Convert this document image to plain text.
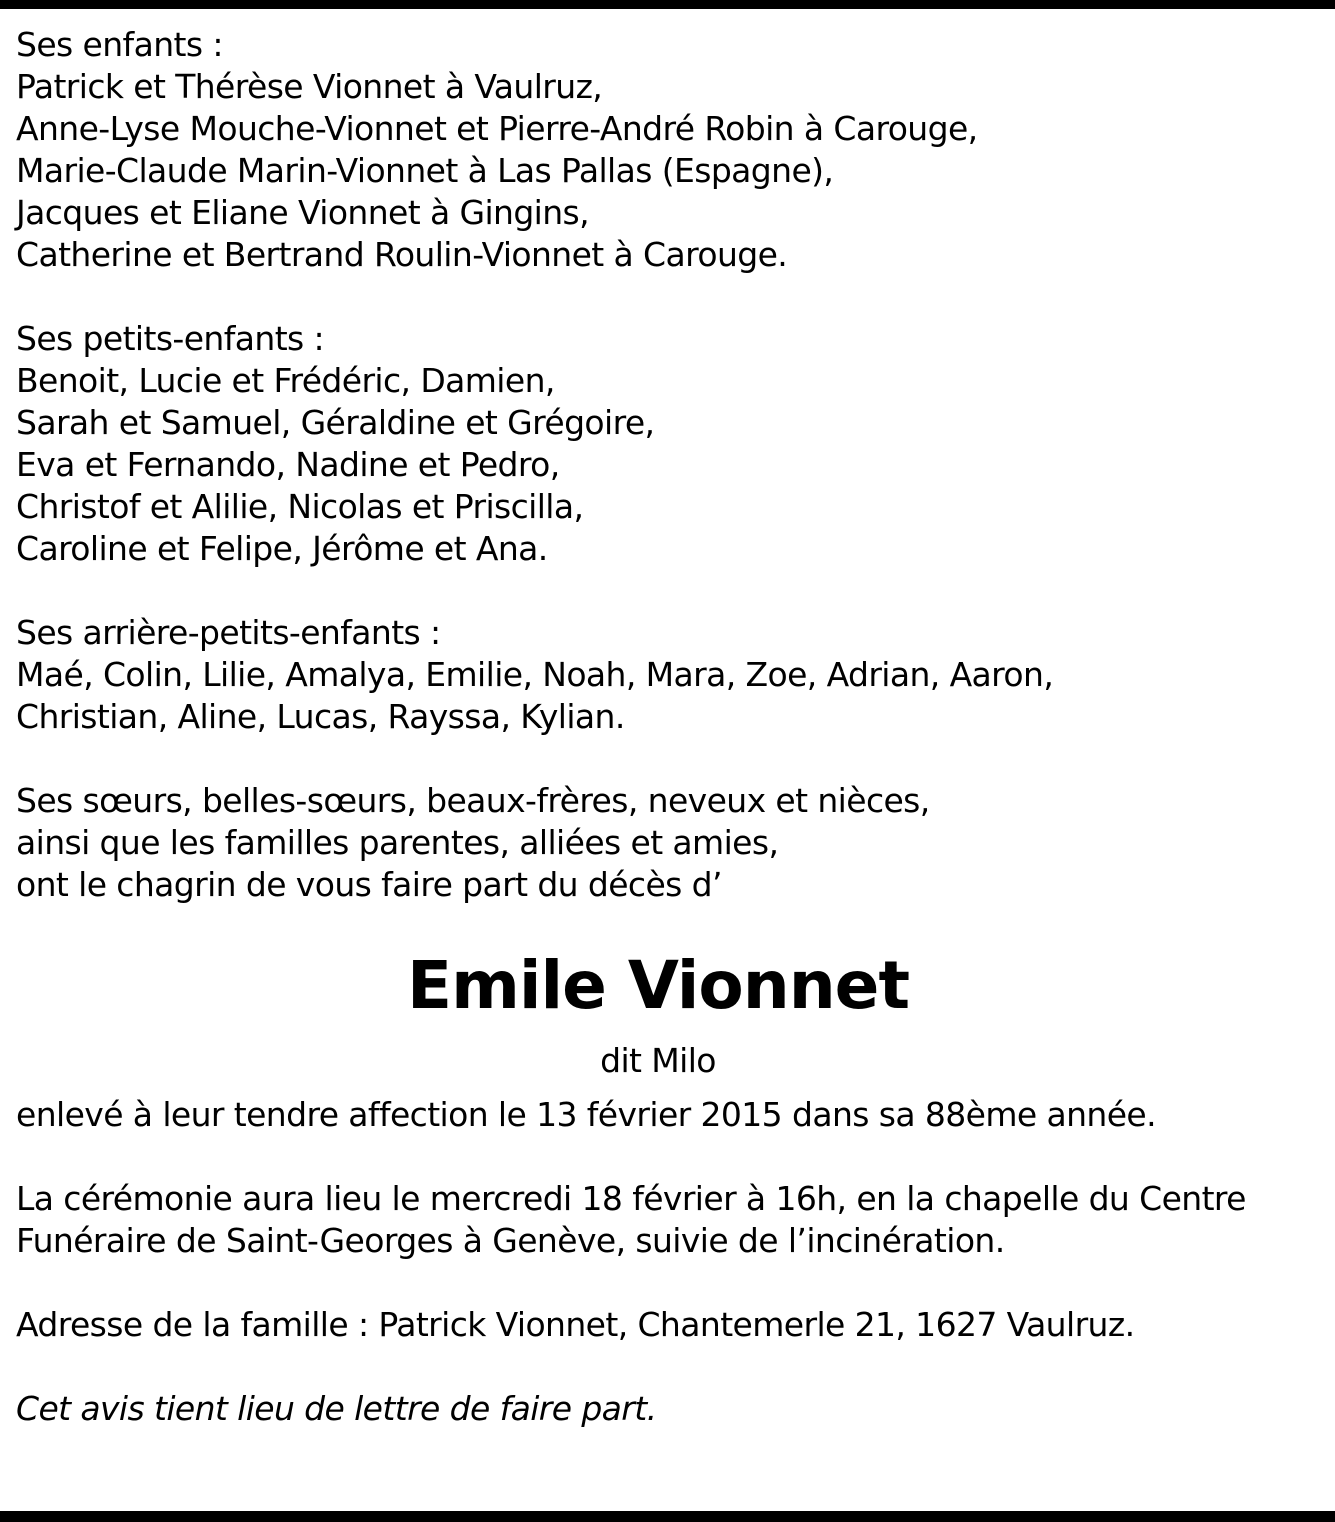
Ses enfants :

Patrick et Thérèse Vionnet à Vaulruz,

Anne-Lyse Mouche-Vionnet et Pierre-André Robin à Carouge,

Marie-Claude Marin-Vionnet à Las Pallas (Espagne),

Jacques et Eliane Vionnet à Gingins,

Catherine et Bertrand Roulin-Vionnet à Carouge.

Ses petits-enfants :

Benoit, Lucie et Frédéric, Damien,

Sarah et Samuel, Géraldine et Grégoire,

Eva et Fernando, Nadine et Pedro,

Christof et Alilie, Nicolas et Priscilla,

Caroline et Felipe, Jérôme et Ana.

Ses arrière-petits-enfants :

Maé, Colin, Lilie, Amalya, Emilie, Noah, Mara, Zoe, Adrian, Aaron,

Christian, Aline, Lucas, Rayssa, Kylian.

Ses sœurs, belles-sœurs, beaux-frères, neveux et nièces,

ainsi que les familles parentes, alliées et amies,

ont le chagrin de vous faire part du décès d’

Emile Vionnet
dit Milo

enlevé à leur tendre affection le 13 février 2015 dans sa 88ème année.

La cérémonie aura lieu le mercredi 18 février à 16h, en la chapelle du Centre

Funéraire de Saint-Georges à Genève, suivie de l’incinération.

Adresse de la famille : Patrick Vionnet, Chantemerle 21, 1627 Vaulruz.

Cet avis tient lieu de lettre de faire part.
